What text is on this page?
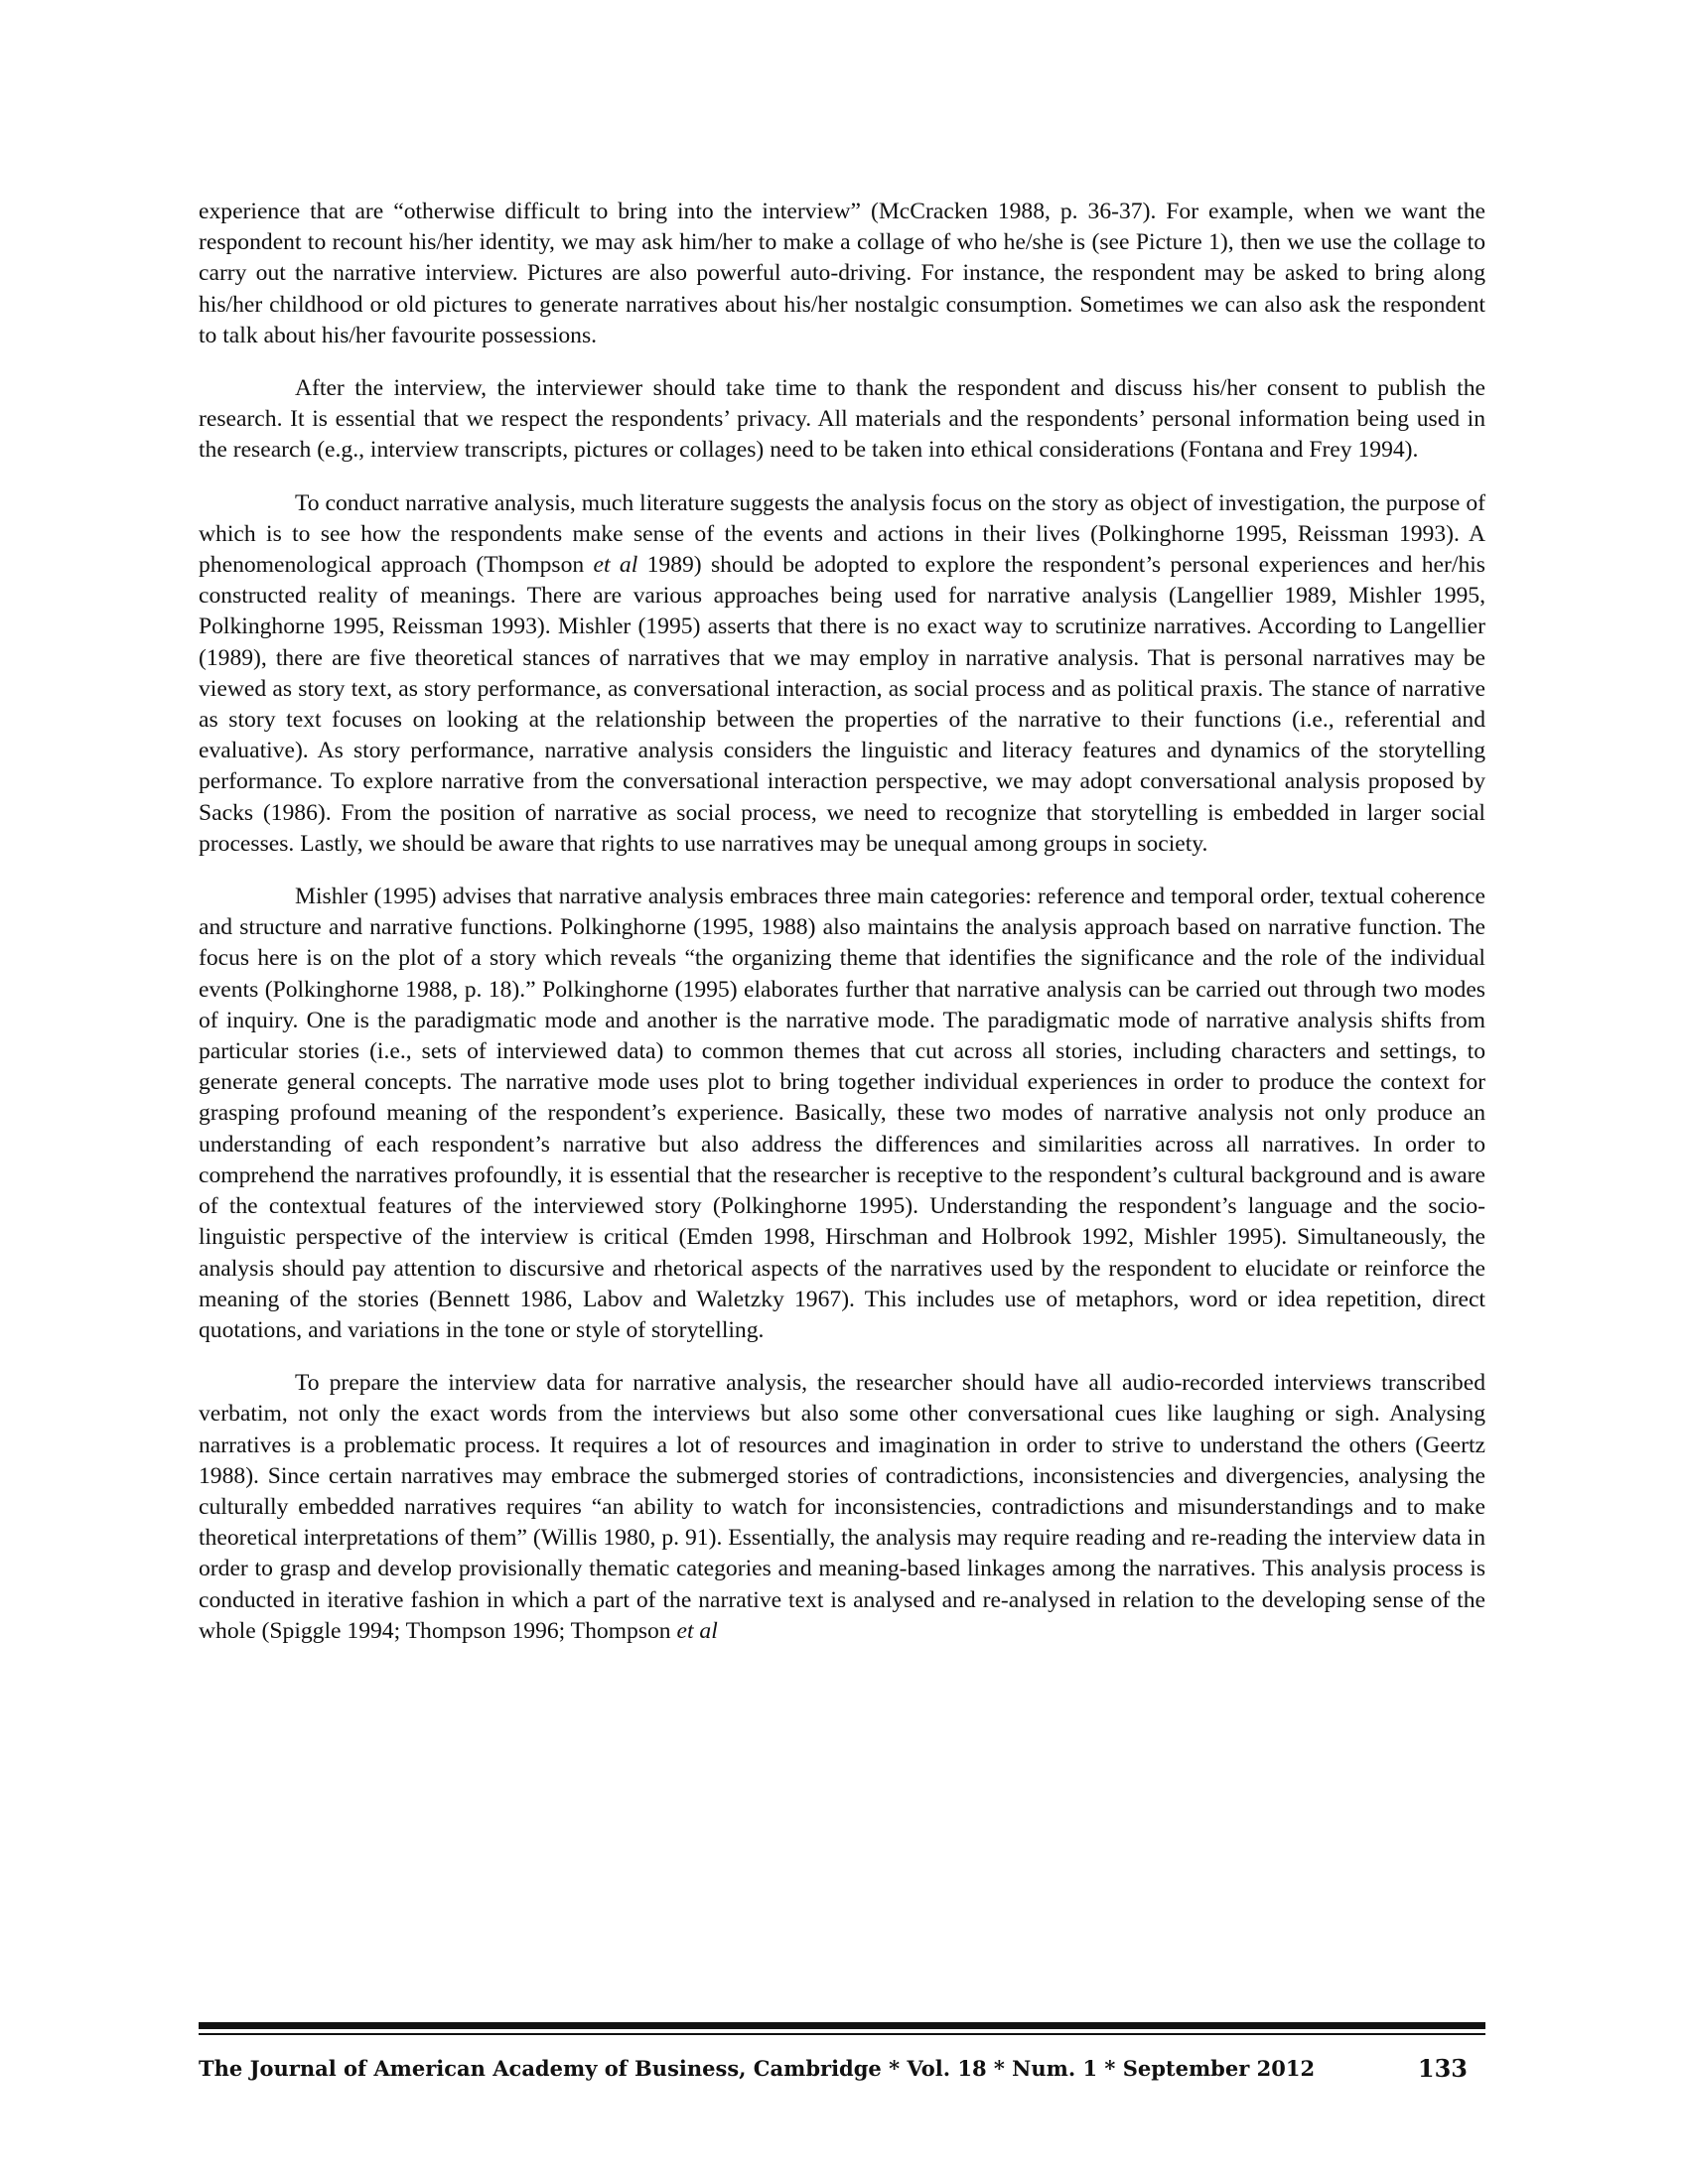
experience that are “otherwise difficult to bring into the interview” (McCracken 1988, p. 36-37). For example, when we want the respondent to recount his/her identity, we may ask him/her to make a collage of who he/she is (see Picture 1), then we use the collage to carry out the narrative interview. Pictures are also powerful auto-driving. For instance, the respondent may be asked to bring along his/her childhood or old pictures to generate narratives about his/her nostalgic consumption. Sometimes we can also ask the respondent to talk about his/her favourite possessions.

After the interview, the interviewer should take time to thank the respondent and discuss his/her consent to publish the research. It is essential that we respect the respondents’ privacy. All materials and the respondents’ personal information being used in the research (e.g., interview transcripts, pictures or collages) need to be taken into ethical considerations (Fontana and Frey 1994).

To conduct narrative analysis, much literature suggests the analysis focus on the story as object of investigation, the purpose of which is to see how the respondents make sense of the events and actions in their lives (Polkinghorne 1995, Reissman 1993). A phenomenological approach (Thompson et al 1989) should be adopted to explore the respondent’s personal experiences and her/his constructed reality of meanings. There are various approaches being used for narrative analysis (Langellier 1989, Mishler 1995, Polkinghorne 1995, Reissman 1993). Mishler (1995) asserts that there is no exact way to scrutinize narratives. According to Langellier (1989), there are five theoretical stances of narratives that we may employ in narrative analysis. That is personal narratives may be viewed as story text, as story performance, as conversational interaction, as social process and as political praxis. The stance of narrative as story text focuses on looking at the relationship between the properties of the narrative to their functions (i.e., referential and evaluative). As story performance, narrative analysis considers the linguistic and literacy features and dynamics of the storytelling performance. To explore narrative from the conversational interaction perspective, we may adopt conversational analysis proposed by Sacks (1986). From the position of narrative as social process, we need to recognize that storytelling is embedded in larger social processes. Lastly, we should be aware that rights to use narratives may be unequal among groups in society.

Mishler (1995) advises that narrative analysis embraces three main categories: reference and temporal order, textual coherence and structure and narrative functions. Polkinghorne (1995, 1988) also maintains the analysis approach based on narrative function. The focus here is on the plot of a story which reveals “the organizing theme that identifies the significance and the role of the individual events (Polkinghorne 1988, p. 18).” Polkinghorne (1995) elaborates further that narrative analysis can be carried out through two modes of inquiry. One is the paradigmatic mode and another is the narrative mode. The paradigmatic mode of narrative analysis shifts from particular stories (i.e., sets of interviewed data) to common themes that cut across all stories, including characters and settings, to generate general concepts. The narrative mode uses plot to bring together individual experiences in order to produce the context for grasping profound meaning of the respondent’s experience. Basically, these two modes of narrative analysis not only produce an understanding of each respondent’s narrative but also address the differences and similarities across all narratives. In order to comprehend the narratives profoundly, it is essential that the researcher is receptive to the respondent’s cultural background and is aware of the contextual features of the interviewed story (Polkinghorne 1995). Understanding the respondent’s language and the socio-linguistic perspective of the interview is critical (Emden 1998, Hirschman and Holbrook 1992, Mishler 1995). Simultaneously, the analysis should pay attention to discursive and rhetorical aspects of the narratives used by the respondent to elucidate or reinforce the meaning of the stories (Bennett 1986, Labov and Waletzky 1967). This includes use of metaphors, word or idea repetition, direct quotations, and variations in the tone or style of storytelling.

To prepare the interview data for narrative analysis, the researcher should have all audio-recorded interviews transcribed verbatim, not only the exact words from the interviews but also some other conversational cues like laughing or sigh. Analysing narratives is a problematic process. It requires a lot of resources and imagination in order to strive to understand the others (Geertz 1988). Since certain narratives may embrace the submerged stories of contradictions, inconsistencies and divergencies, analysing the culturally embedded narratives requires “an ability to watch for inconsistencies, contradictions and misunderstandings and to make theoretical interpretations of them” (Willis 1980, p. 91). Essentially, the analysis may require reading and re-reading the interview data in order to grasp and develop provisionally thematic categories and meaning-based linkages among the narratives. This analysis process is conducted in iterative fashion in which a part of the narrative text is analysed and re-analysed in relation to the developing sense of the whole (Spiggle 1994; Thompson 1996; Thompson et al

The Journal of American Academy of Business, Cambridge * Vol. 18 * Num. 1 * September 2012	133
